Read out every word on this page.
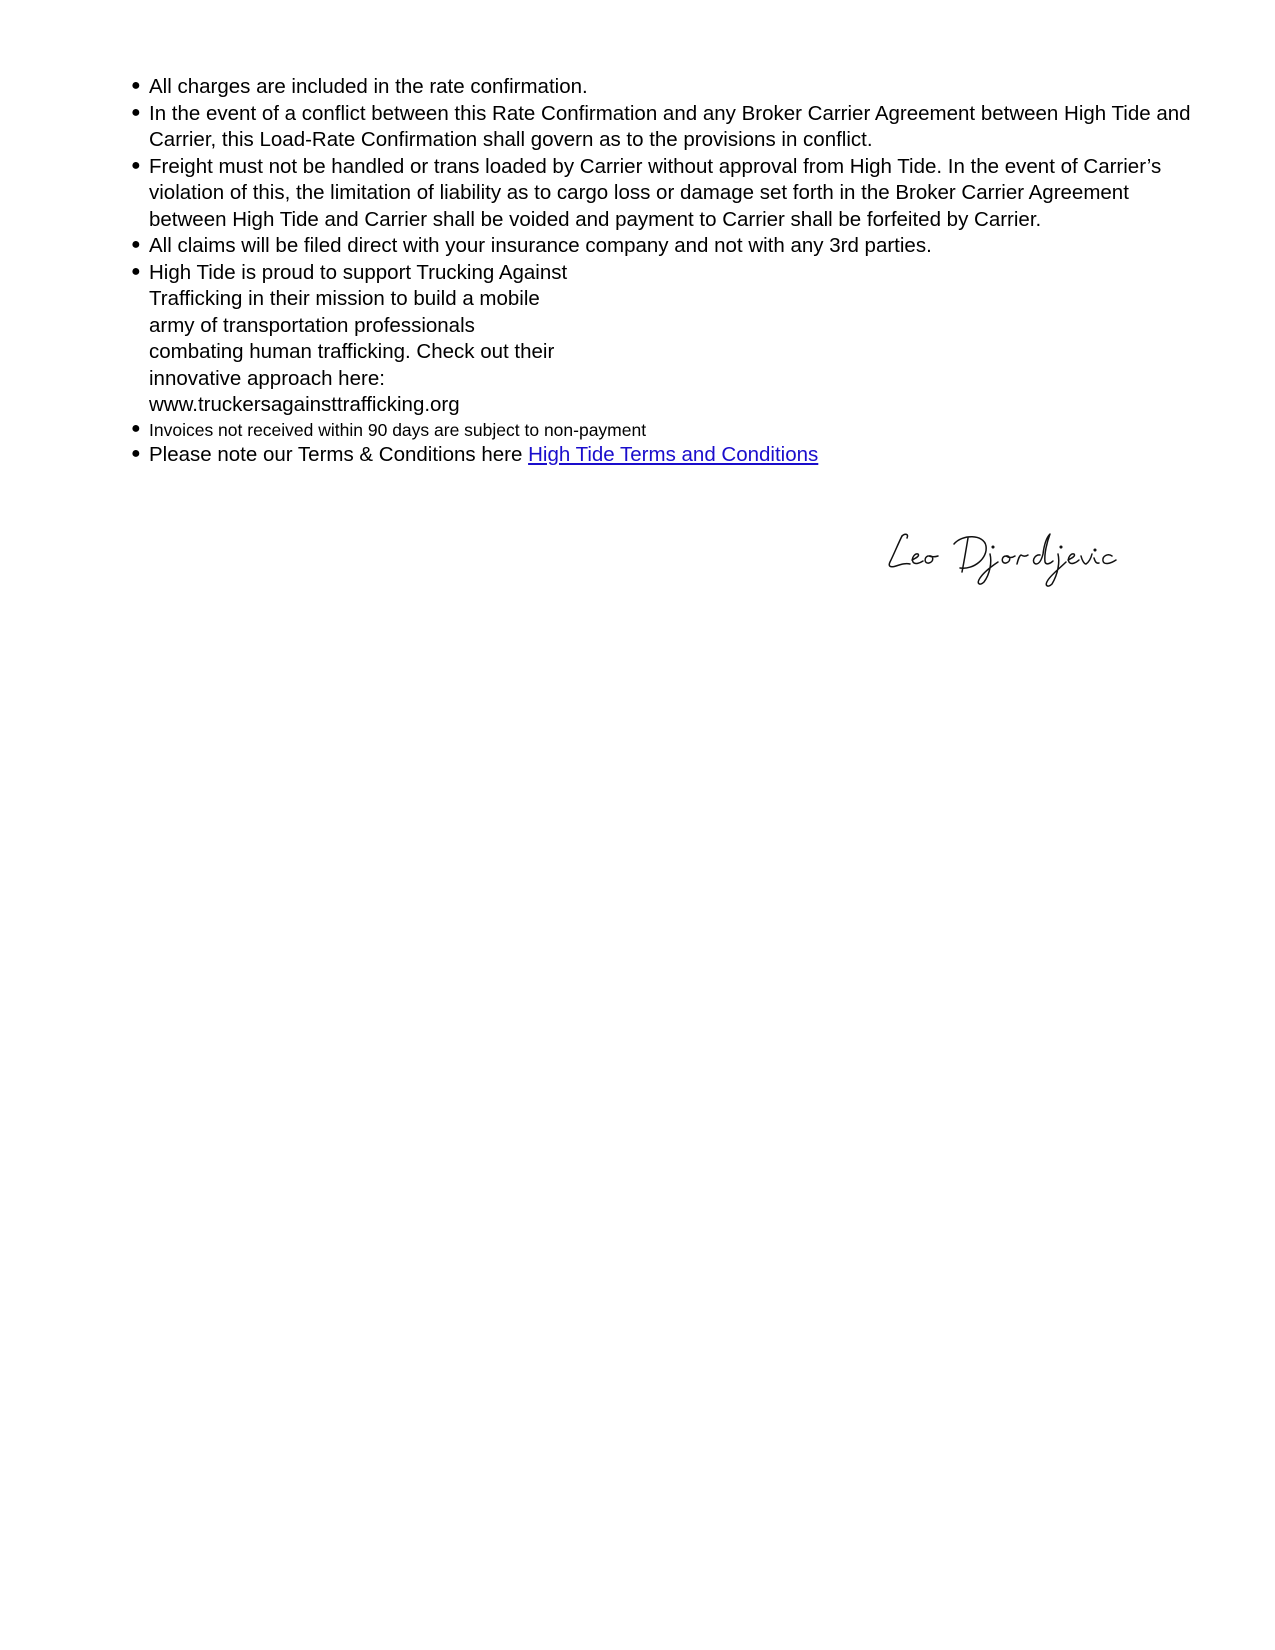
● All charges are included in the rate confirmation.
● In the event of a conflict between this Rate Confirmation and any Broker Carrier Agreement between High Tide and Carrier, this Load-Rate Confirmation shall govern as to the provisions in conflict.
● Freight must not be handled or trans loaded by Carrier without approval from High Tide. In the event of Carrier’s violation of this, the limitation of liability as to cargo loss or damage set forth in the Broker Carrier Agreement between High Tide and Carrier shall be voided and payment to Carrier shall be forfeited by Carrier.
● All claims will be filed direct with your insurance company and not with any 3rd parties.
● High Tide is proud to support Trucking Against Trafficking in their mission to build a mobile army of transportation professionals combating human trafficking. Check out their innovative approach here:
www.truckersagainsttrafficking.org
● Invoices not received within 90 days are subject to non-payment
● Please note our Terms & Conditions here High Tide Terms and Conditions
